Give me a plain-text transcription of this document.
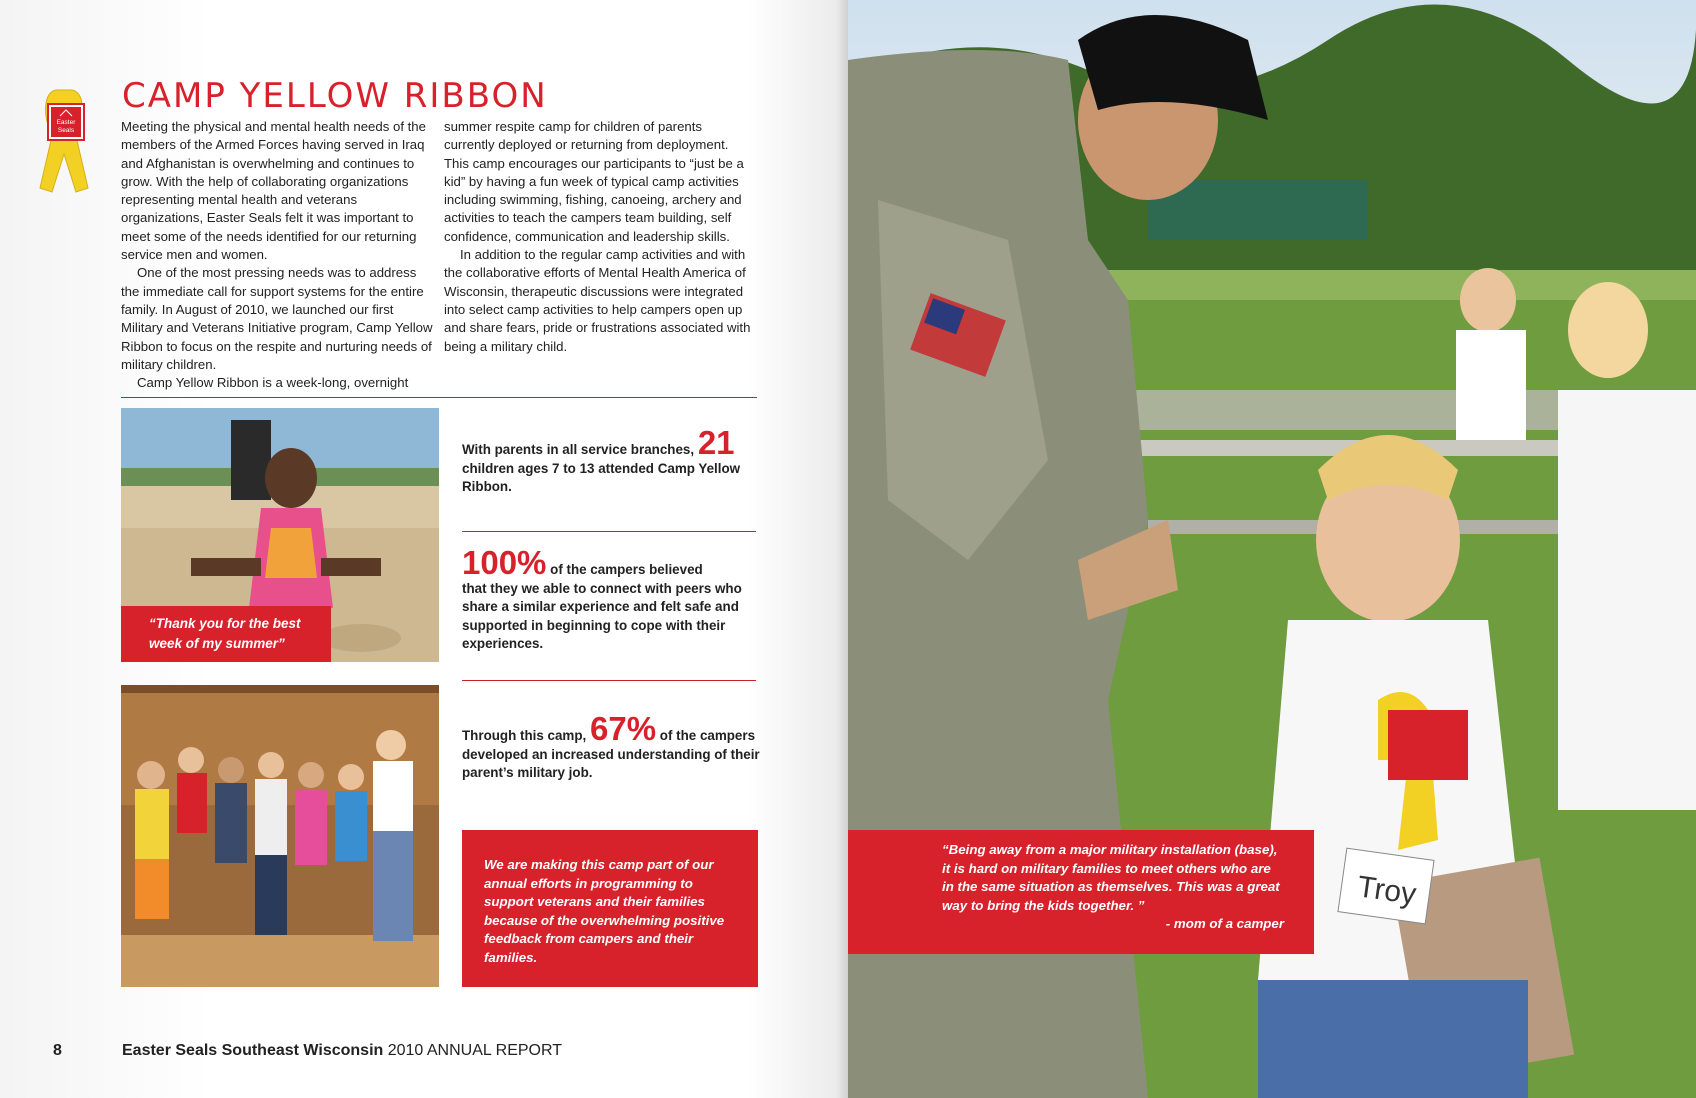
Easter
Seals
CAMP YELLOW RIBBON

Meeting the physical and mental health needs of the members of the Armed Forces having served in Iraq and Afghanistan is overwhelming and continues to grow. With the help of collaborating organizations representing mental health and veterans organizations, Easter Seals felt it was important to meet some of the needs identified for our returning service men and women.

One of the most pressing needs was to address the immediate call for support systems for the entire family. In August of 2010, we launched our first Military and Veterans Initiative program, Camp Yellow Ribbon to focus on the respite and nurturing needs of military children.

Camp Yellow Ribbon is a week-long, overnight

summer respite camp for children of parents currently deployed or returning from deployment. This camp encourages our participants to “just be a kid” by having a fun week of typical camp activities including swimming, fishing, canoeing, archery and activities to teach the campers team building, self confidence, communication and leadership skills.

In addition to the regular camp activities and with the collaborative efforts of Mental Health America of Wisconsin, therapeutic discussions were integrated into select camp activities to help campers open up and share fears, pride or frustrations associated with being a military child.

“Thank you for the best week of my summer”
With parents in all service branches, 21
children ages 7 to 13 attended Camp Yellow Ribbon.
100% of the campers believed
that they we able to connect with peers who share a similar experience and felt safe and supported in beginning to cope with their experiences.
Through this camp, 67% of the campers
developed an increased understanding of their parent’s military job.
We are making this camp part of our annual efforts in programming to support veterans and their families because of the overwhelming positive feedback from campers and their families.
8	Easter Seals Southeast Wisconsin 2010 ANNUAL REPORT
Troy
“Being away from a major military installation (base), it is hard on military families to meet others who are in the same situation as themselves. This was a great way to bring the kids together. ”
- mom of a camper
